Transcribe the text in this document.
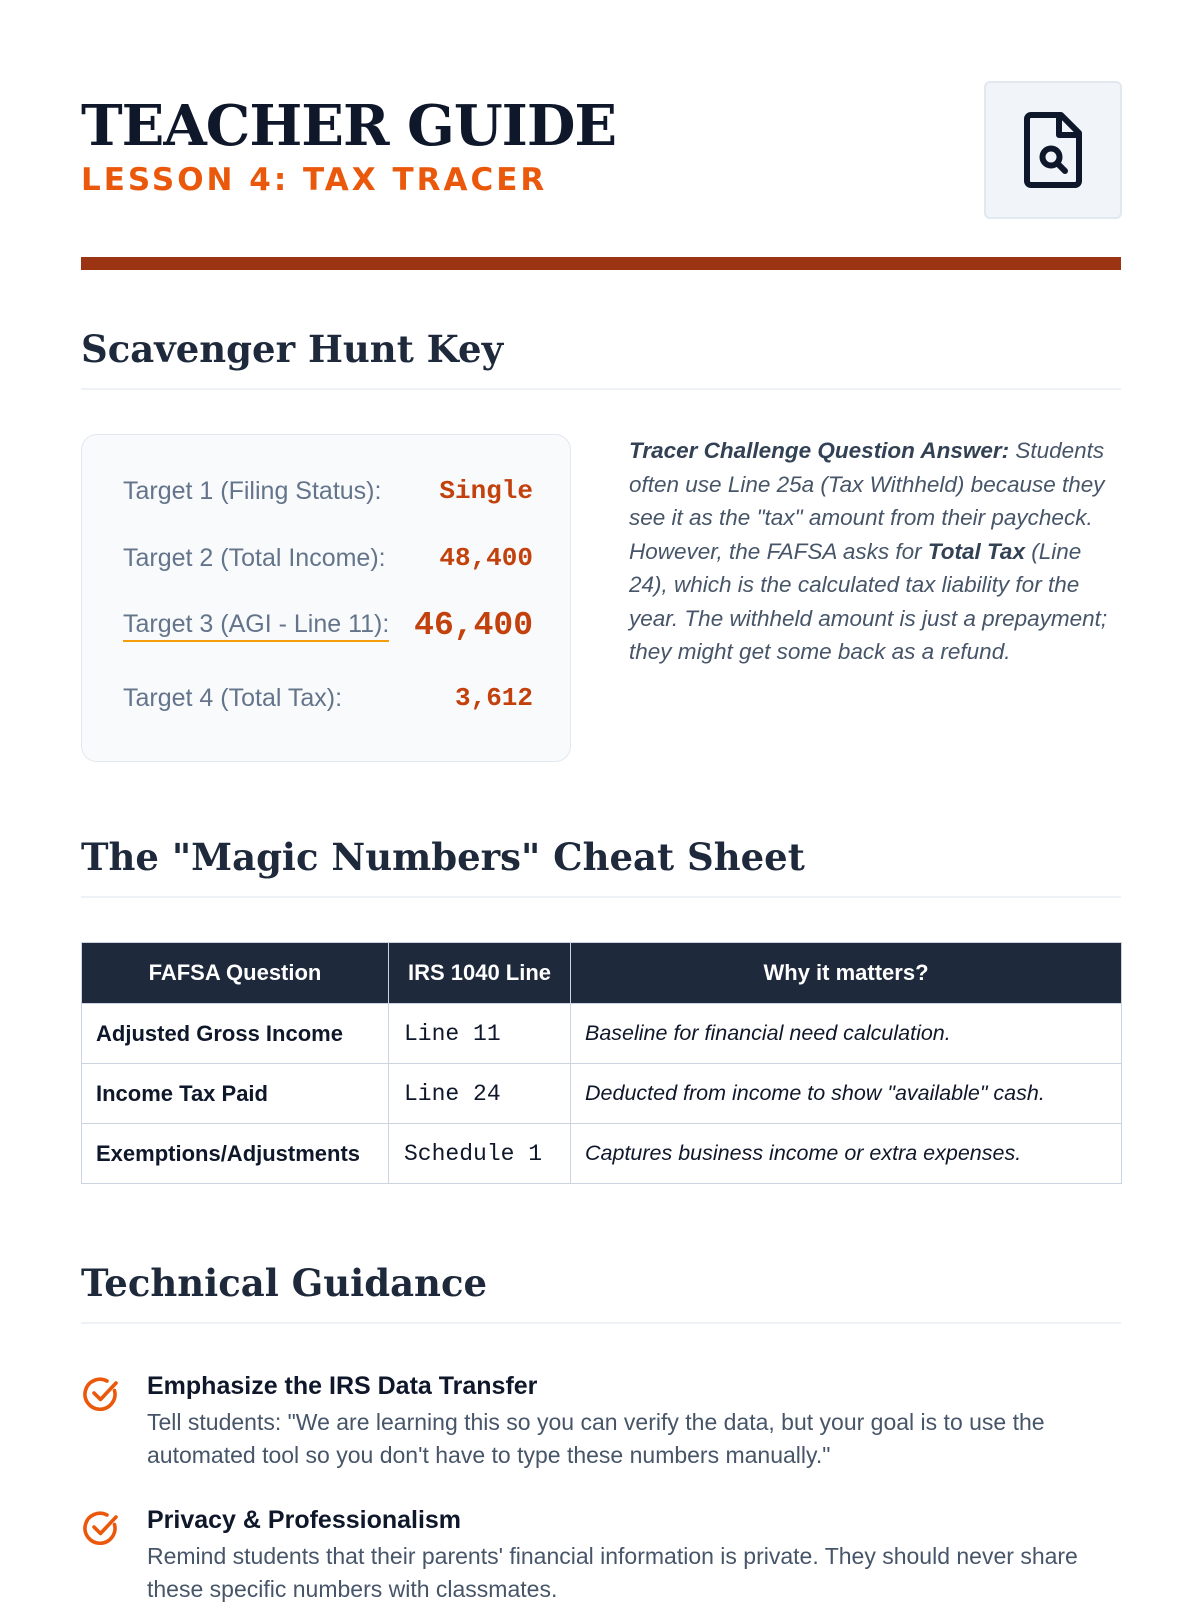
TEACHER GUIDE
LESSON 4: TAX TRACER
Scavenger Hunt Key
Target 1 (Filing Status): Single
Target 2 (Total Income): 48,400
Target 3 (AGI - Line 11): 46,400
Target 4 (Total Tax):	3,612

Tracer Challenge Question Answer: Students often use Line 25a (Tax Withheld) because they see it as the "tax" amount from their paycheck. However, the FAFSA asks for Total Tax (Line 24), which is the calculated tax liability for the year. The withheld amount is just a prepayment; they might get some back as a refund.

The "Magic Numbers" Cheat Sheet
FAFSA Question	IRS 1040 Line	Why it matters?
Adjusted Gross Income	Line 11	Baseline for financial need calculation.
Income Tax Paid	Line 24	Deducted from income to show "available" cash.
Exemptions/Adjustments	Schedule 1	Captures business income or extra expenses.
Technical Guidance
Emphasize the IRS Data Transfer

Tell students: "We are learning this so you can verify the data, but your goal is to use the automated tool so you don't have to type these numbers manually."

Privacy & Professionalism

Remind students that their parents' financial information is private. They should never share these specific numbers with classmates.
